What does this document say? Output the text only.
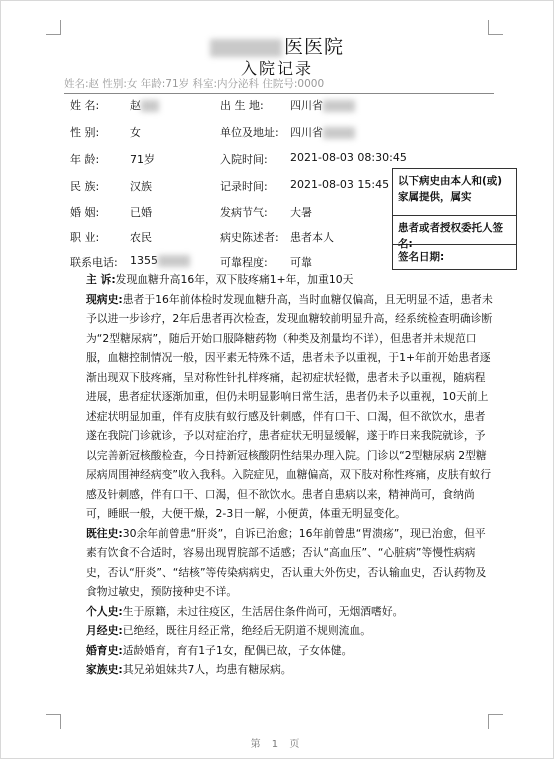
医医院
入院记录
姓名:赵 性别:女 年龄:71岁 科室:内分泌科 住院号:0000
姓 名:	赵	出 生 地: 四川省
性 别:	女	单位及地址: 四川省
年 龄:	71岁	入院时间: 2021-08-03 08:30:45
民 族:	汉族	记录时间: 2021-08-03 15:45
婚 姻:	已婚	发病节气: 大暑
职 业:	农民	病史陈述者: 患者本人
联系电话: 1355	可靠程度: 可靠
以下病史由本人和(或)家属提供，属实
患者或者授权委托人签名:
签名日期:

主 诉:发现血糖升高16年，双下肢疼痛1+年，加重10天

现病史:患者于16年前体检时发现血糖升高，当时血糖仅偏高，且无明显不适，患者未予以进一步诊疗，2年后患者再次检查，发现血糖较前明显升高，经系统检查明确诊断为“2型糖尿病”，随后开始口服降糖药物（种类及剂量均不详），但患者并未规范口服，血糖控制情况一般，因平素无特殊不适，患者未予以重视，于1+年前开始患者逐渐出现双下肢疼痛，呈对称性针扎样疼痛，起初症状轻微，患者未予以重视，随病程进展，患者症状逐渐加重，但仍未明显影响日常生活，患者仍未予以重视，10天前上述症状明显加重，伴有皮肤有蚁行感及针刺感，伴有口干、口渴，但不欲饮水，患者遂在我院门诊就诊，予以对症治疗，患者症状无明显缓解，遂于昨日来我院就诊，予以完善新冠核酸检查，今日持新冠核酸阴性结果办理入院。门诊以“2型糖尿病 2型糖尿病周围神经病变”收入我科。入院症见，血糖偏高，双下肢对称性疼痛，皮肤有蚁行感及针刺感，伴有口干、口渴，但不欲饮水。患者自患病以来，精神尚可，食纳尚可，睡眠一般，大便干燥，2-3日一解，小便黄，体重无明显变化。

既往史:30余年前曾患“肝炎”，自诉已治愈；16年前曾患“胃溃疡”，现已治愈，但平素有饮食不合适时，容易出现胃脘部不适感；否认“高血压”、“心脏病”等慢性病病史，否认“肝炎”、“结核”等传染病病史，否认重大外伤史，否认输血史，否认药物及食物过敏史，预防接种史不详。

个人史:生于原籍，未过往疫区，生活居住条件尚可，无烟酒嗜好。

月经史:已绝经，既往月经正常，绝经后无阴道不规则流血。

婚育史:适龄婚育，育有1子1女，配偶已故，子女体健。

家族史:其兄弟姐妹共7人，均患有糖尿病。

第 1 页
